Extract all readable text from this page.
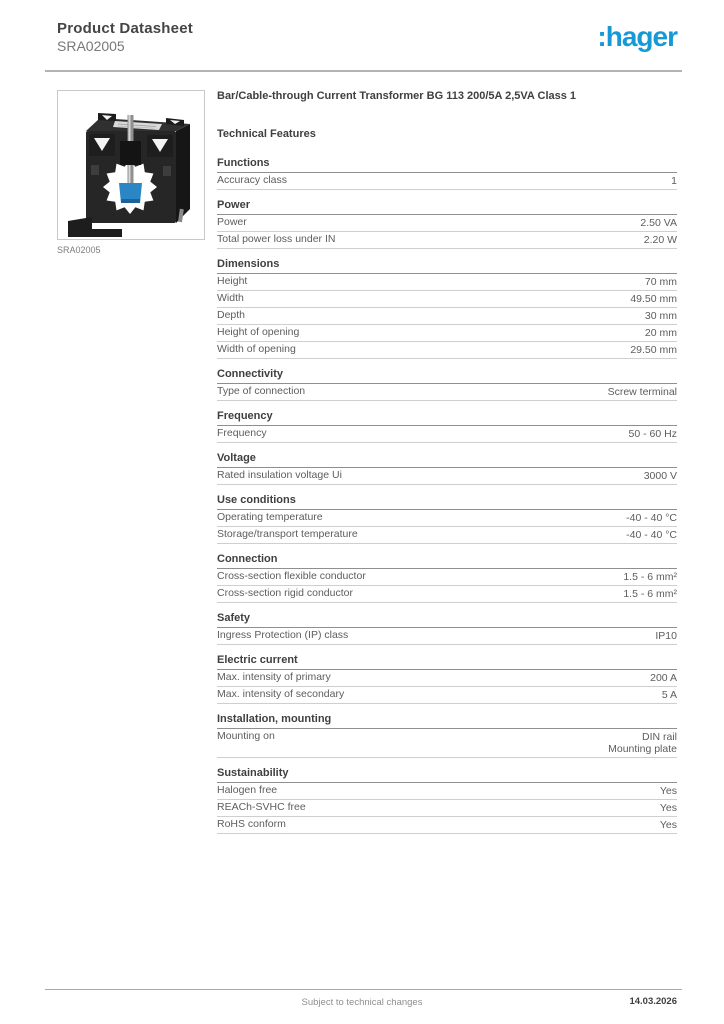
Product Datasheet
SRA02005	:hager
SRA02005
Bar/Cable-through Current Transformer BG 113 200/5A 2,5VA Class 1
Technical Features
Functions
Accuracy class	1
Power
Power	2.50 VA
Total power loss under IN	2.20 W
Dimensions
Height	70 mm
Width	49.50 mm
Depth	30 mm
Height of opening	20 mm
Width of opening	29.50 mm
Connectivity
Type of connection	Screw terminal
Frequency
Frequency	50 - 60 Hz
Voltage
Rated insulation voltage Ui	3000 V
Use conditions
Operating temperature	-40 - 40 °C
Storage/transport temperature	-40 - 40 °C
Connection
Cross-section flexible conductor	1.5 - 6 mm²
Cross-section rigid conductor	1.5 - 6 mm²
Safety
Ingress Protection (IP) class	IP10
Electric current
Max. intensity of primary	200 A
Max. intensity of secondary	5 A
Installation, mounting
Mounting on	DIN rail
Mounting plate
Sustainability
Halogen free	Yes
REACh-SVHC free	Yes
RoHS conform	Yes
Subject to technical changes	14.03.2026
